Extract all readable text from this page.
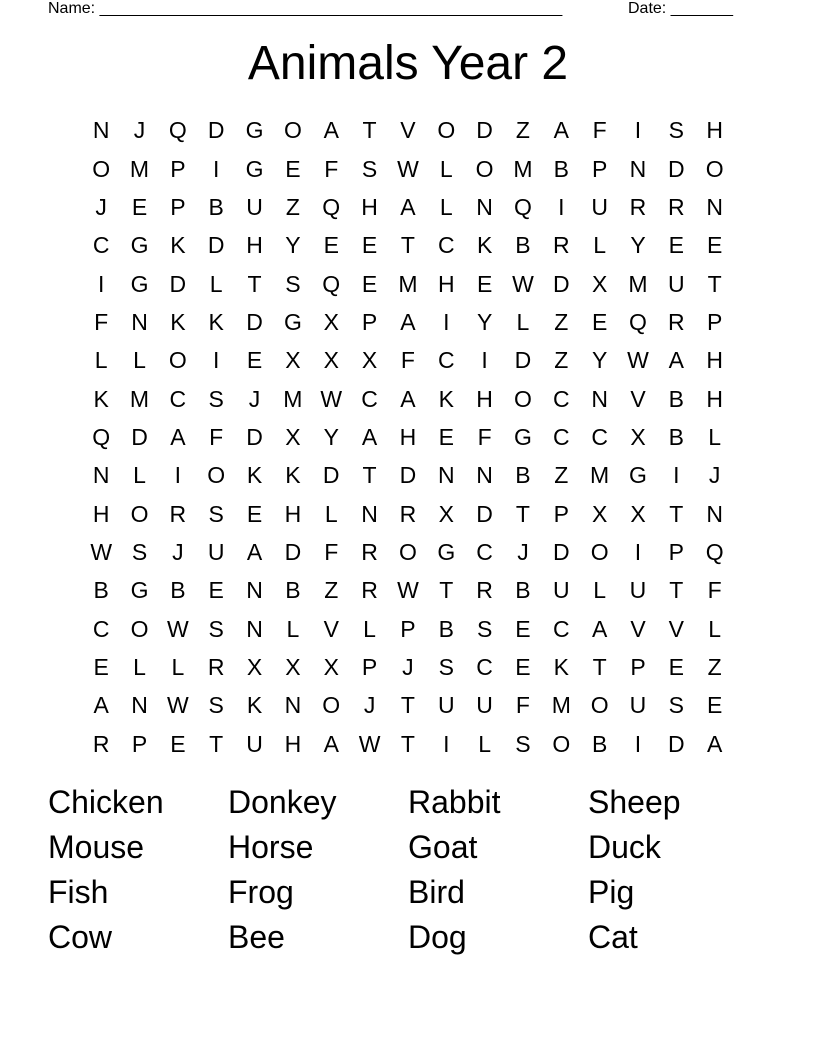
Name: ____________________________________________________	Date: _______
Animals Year 2
N	J	Q D G O A	T	V O D	Z	A	F	I	S H
O M P	I	G E	F	S W L	O M B	P N D O
J	E	P	B U	Z Q H A	L	N Q	I	U R R N
C G K D H Y	E	E	T	C K	B R	L	Y	E	E
I	G D	L	T	S Q E M H E W D X M U	T
F	N K	K D G X	P	A	I	Y	L	Z	E Q R P
L	L	O	I	E	X	X	X	F	C	I	D	Z	Y W A H
K M C S	J	M W C A	K H O C N V	B H
Q D A	F	D X	Y	A H E	F G C C X	B	L
N	L	I	O K	K D	T	D N N B	Z M G	I	J
H O R S	E H	L	N R X D	T	P	X	X	T	N
W S	J	U A D	F	R O G C	J	D O	I	P Q
B G B	E N B	Z	R W T	R B U	L	U	T	F
C O W S N	L	V	L	P	B	S	E C A	V	V	L
E	L	L	R X	X	X	P	J	S C E	K	T	P	E	Z
A N W S	K N O	J	T	U U	F M O U S	E
R P	E	T	U H A W T	I	L	S O B	I	D A
Chicken	Donkey	Rabbit	Sheep
Mouse	Horse	Goat	Duck
Fish	Frog	Bird	Pig
Cow	Bee	Dog	Cat
